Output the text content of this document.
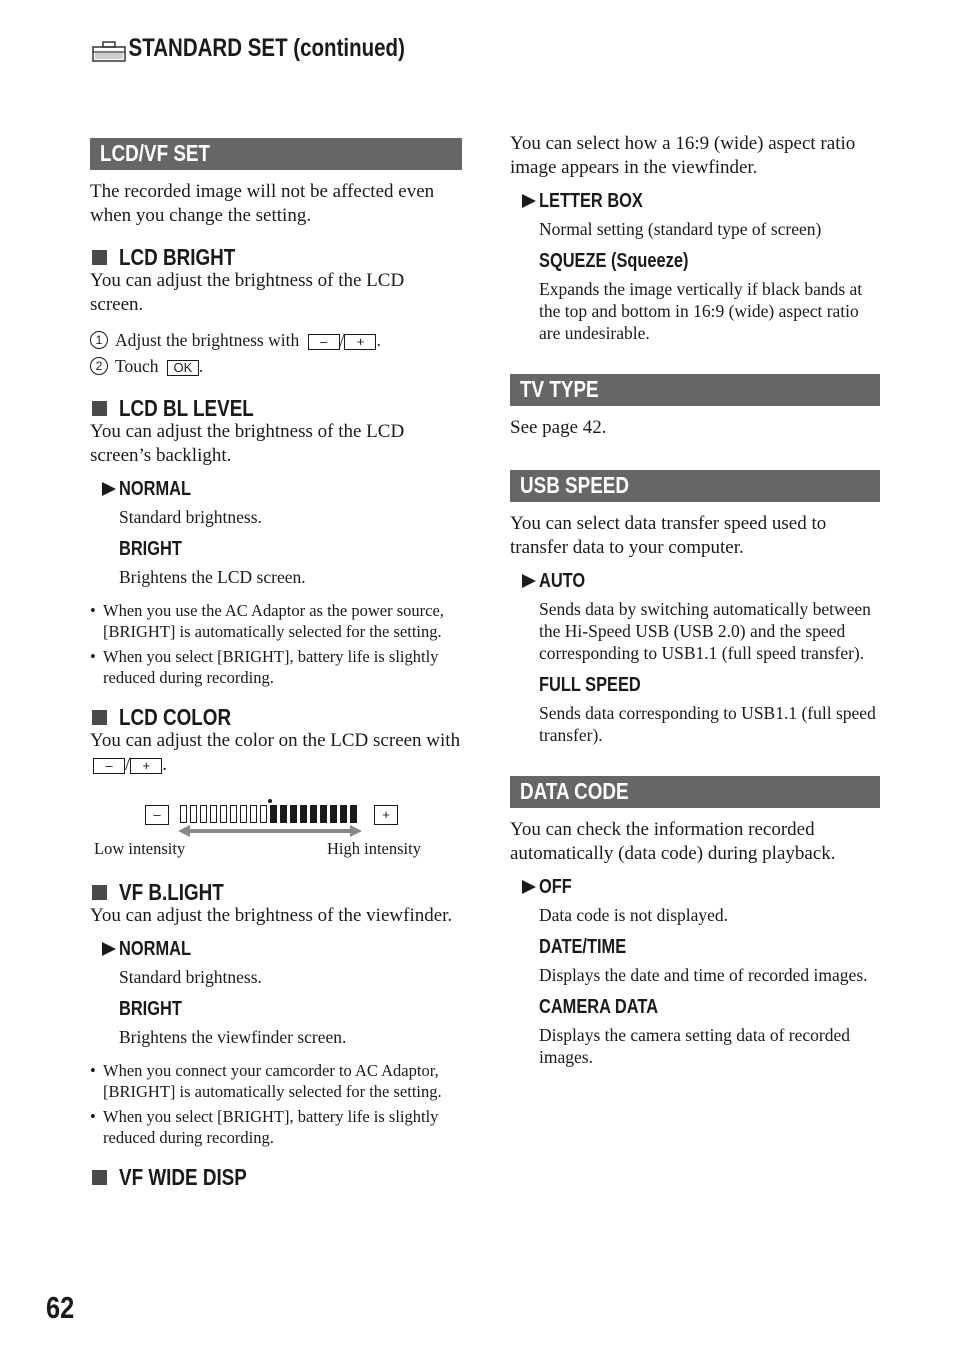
STANDARD SET (continued)
LCD/VF SET

The recorded image will not be affected even when you change the setting.

LCD BRIGHT

You can adjust the brightness of the LCD screen.

1 Adjust the brightness with – / + .
2 Touch OK .
LCD BL LEVEL

You can adjust the brightness of the LCD screen’s backlight.

NORMAL
Standard brightness.
BRIGHT
Brightens the LCD screen.
• When you use the AC Adaptor as the power source, [BRIGHT] is automatically selected for the setting.
• When you select [BRIGHT], battery life is slightly reduced during recording.
LCD COLOR

You can adjust the color on the LCD screen with – / + .

–	+
Low intensity	High intensity
VF B.LIGHT

You can adjust the brightness of the viewfinder.

NORMAL
Standard brightness.
BRIGHT
Brightens the viewfinder screen.
• When you connect your camcorder to AC Adaptor, [BRIGHT] is automatically selected for the setting.
• When you select [BRIGHT], battery life is slightly reduced during recording.
VF WIDE DISP

You can select how a 16:9 (wide) aspect ratio image appears in the viewfinder.

LETTER BOX
Normal setting (standard type of screen)
SQUEZE (Squeeze)
Expands the image vertically if black bands at the top and bottom in 16:9 (wide) aspect ratio are undesirable.
TV TYPE

See page 42.

USB SPEED

You can select data transfer speed used to transfer data to your computer.

AUTO
Sends data by switching automatically between the Hi-Speed USB (USB 2.0) and the speed corresponding to USB1.1 (full speed transfer).
FULL SPEED
Sends data corresponding to USB1.1 (full speed transfer).
DATA CODE

You can check the information recorded automatically (data code) during playback.

OFF
Data code is not displayed.
DATE/TIME
Displays the date and time of recorded images.
CAMERA DATA
Displays the camera setting data of recorded images.
62
